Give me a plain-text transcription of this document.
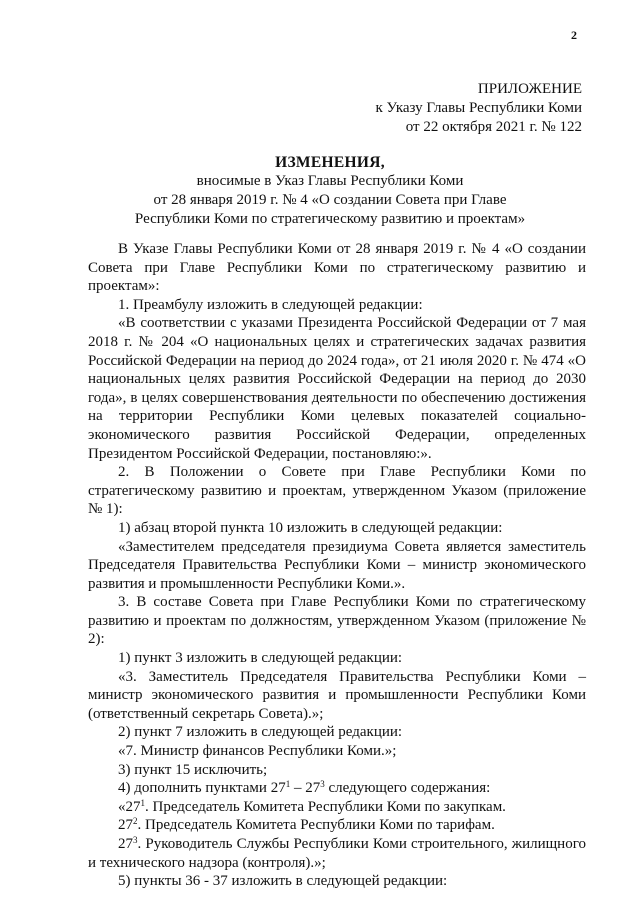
2
ПРИЛОЖЕНИЕ
к Указу Главы Республики Коми
от 22 октября 2021 г. № 122
ИЗМЕНЕНИЯ,
вносимые в Указ Главы Республики Коми
от 28 января 2019 г. № 4 «О создании Совета при Главе
Республики Коми по стратегическому развитию и проектам»

В Указе Главы Республики Коми от 28 января 2019 г. № 4 «О создании Совета при Главе Республики Коми по стратегическому развитию и проектам»:

1. Преамбулу изложить в следующей редакции:

«В соответствии с указами Президента Российской Федерации от 7 мая 2018 г. № 204 «О национальных целях и стратегических задачах развития Российской Федерации на период до 2024 года», от 21 июля 2020 г. № 474 «О национальных целях развития Российской Федерации на период до 2030 года», в целях совершенствования деятельности по обеспечению достижения на территории Республики Коми целевых показателей социально-экономического развития Российской Федерации, определенных Президентом Российской Федерации, постановляю:».

2. В Положении о Совете при Главе Республики Коми по стратегическому развитию и проектам, утвержденном Указом (приложение № 1):

1) абзац второй пункта 10 изложить в следующей редакции:

«Заместителем председателя президиума Совета является заместитель Председателя Правительства Республики Коми – министр экономического развития и промышленности Республики Коми.».

3. В составе Совета при Главе Республики Коми по стратегическому развитию и проектам по должностям, утвержденном Указом (приложение № 2):

1) пункт 3 изложить в следующей редакции:

«3. Заместитель Председателя Правительства Республики Коми – министр экономического развития и промышленности Республики Коми (ответственный секретарь Совета).»;

2) пункт 7 изложить в следующей редакции:

«7. Министр финансов Республики Коми.»;

3) пункт 15 исключить;

4) дополнить пунктами $27^1 - 27^3$ следующего содержания:

«$27^1$. Председатель Комитета Республики Коми по закупкам.

$27^2$. Председатель Комитета Республики Коми по тарифам.

$27^3$. Руководитель Службы Республики Коми строительного, жилищного и технического надзора (контроля).»;

5) пункты 36 - 37 изложить в следующей редакции:
